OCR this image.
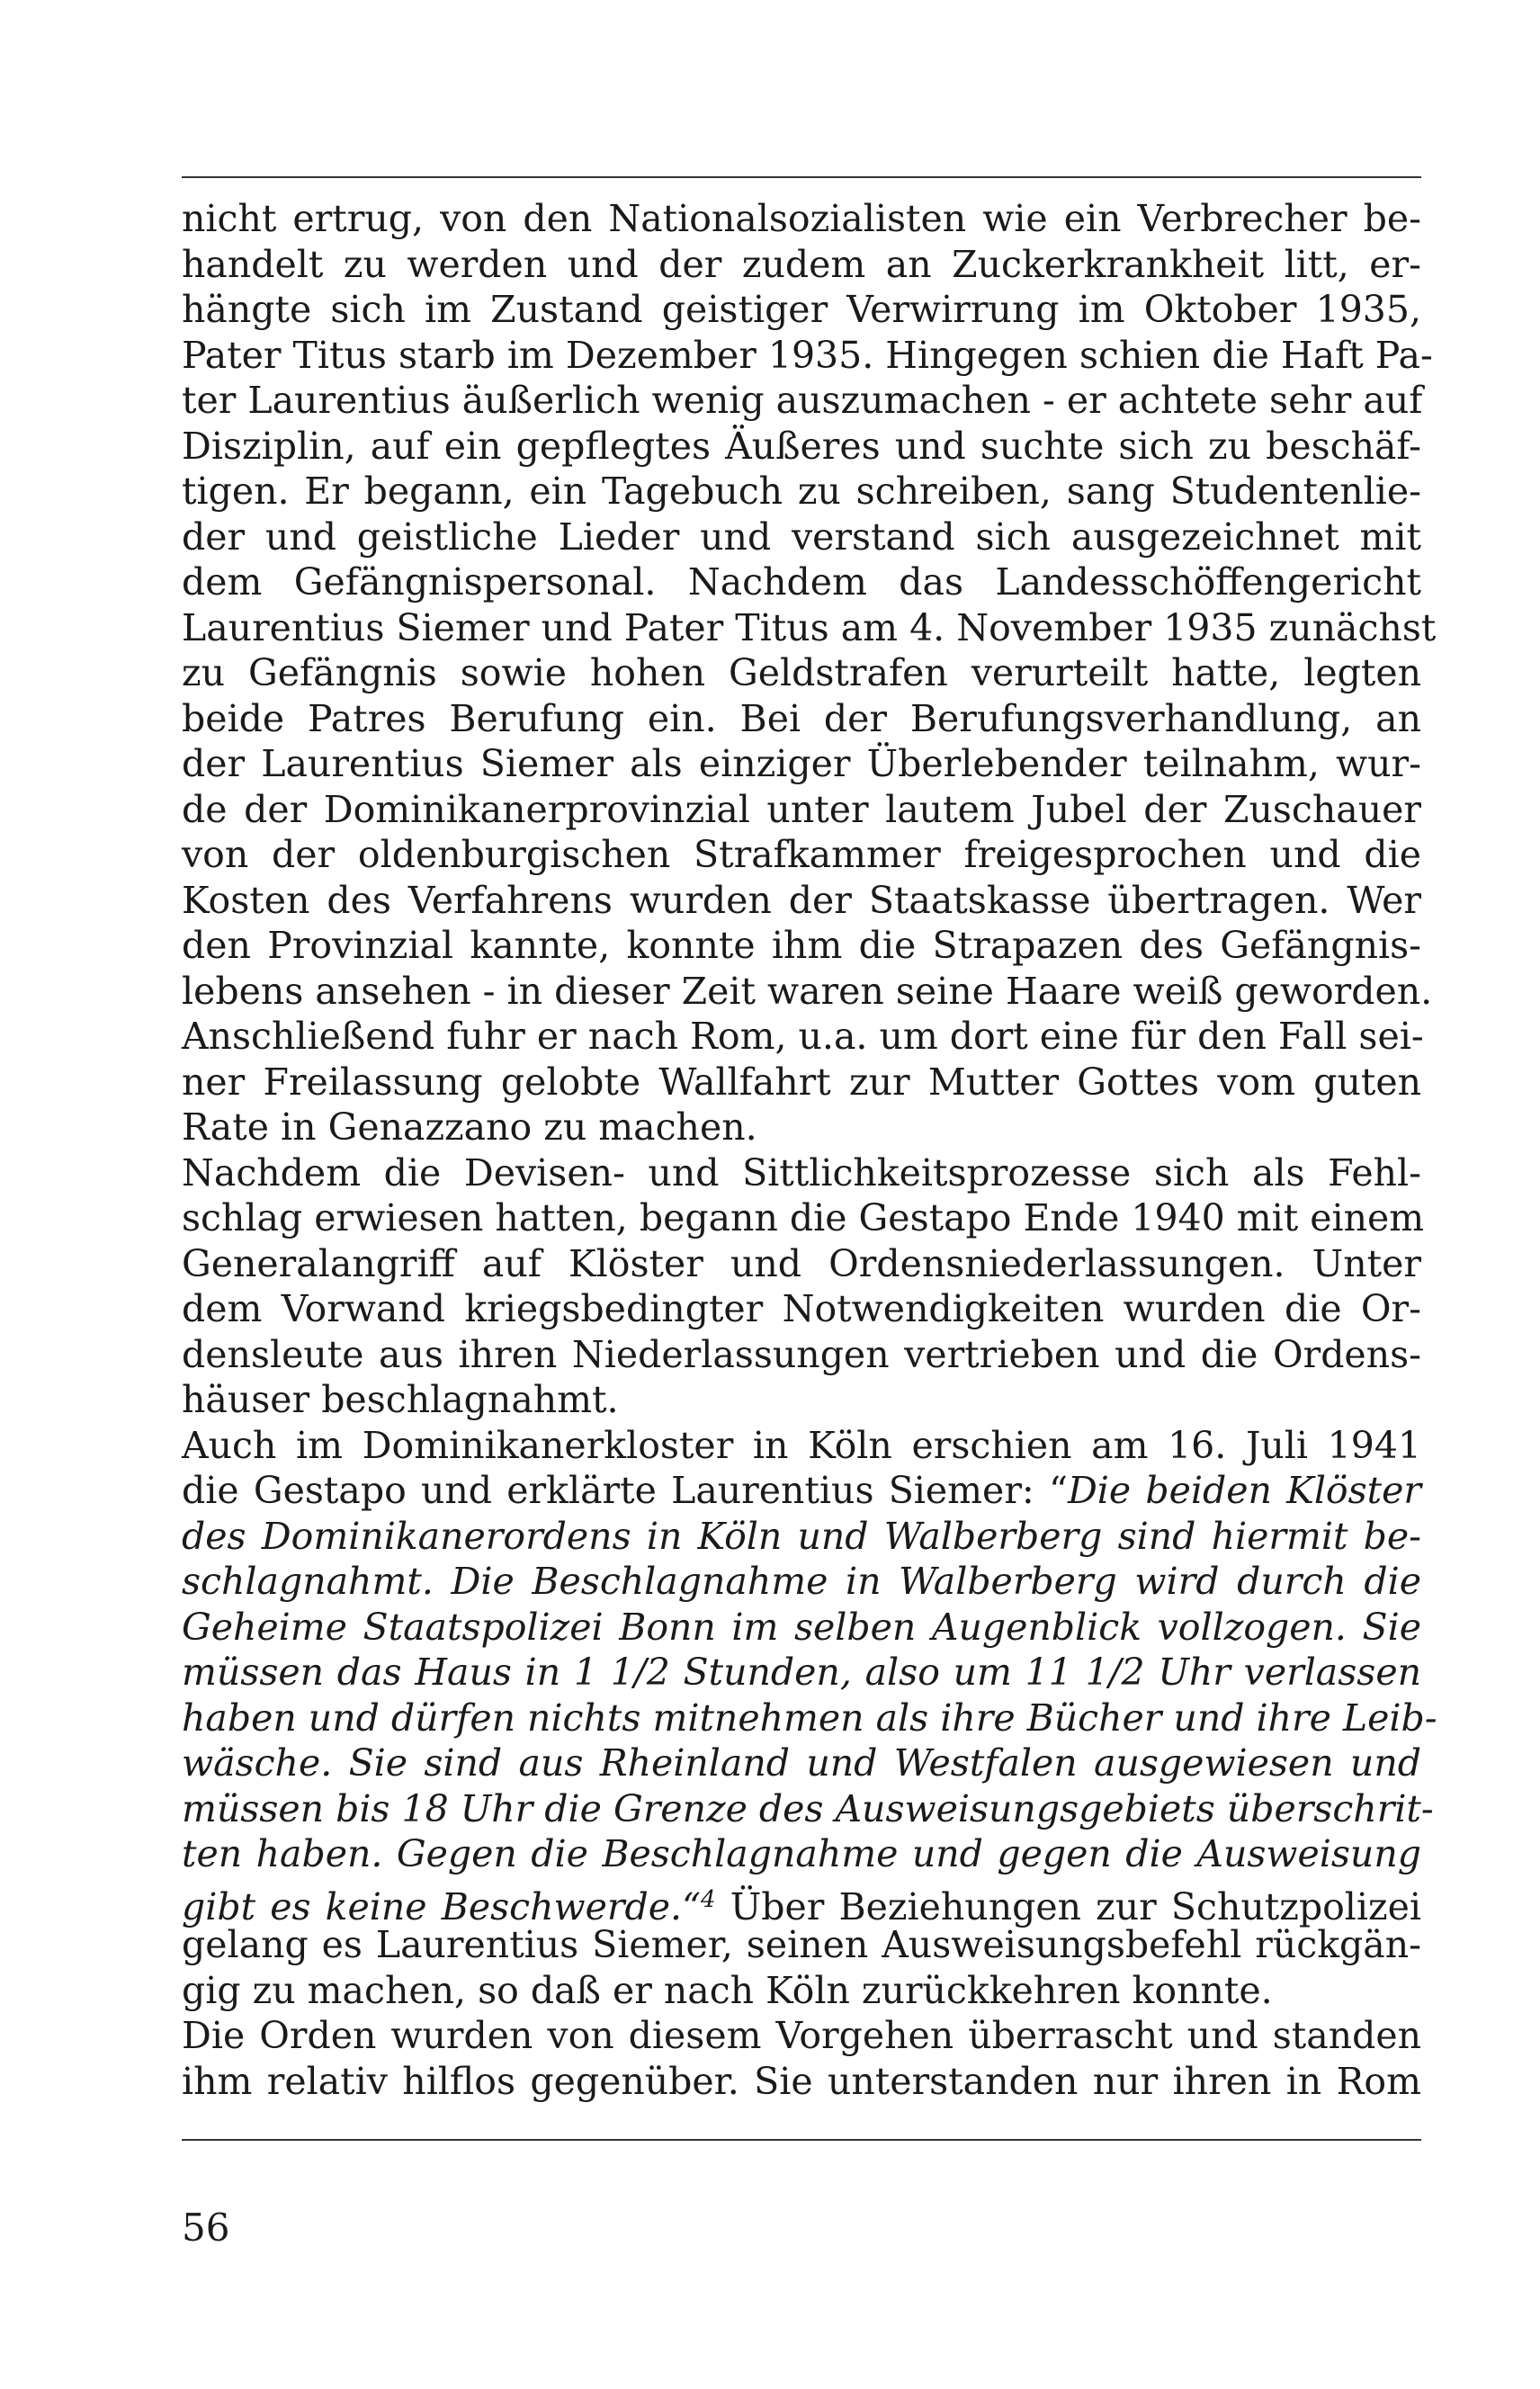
nicht ertrug, von den Nationalsozialisten wie ein Verbrecher be-
handelt zu werden und der zudem an Zuckerkrankheit litt, er-
hängte sich im Zustand geistiger Verwirrung im Oktober 1935,
Pater Titus starb im Dezember 1935. Hingegen schien die Haft Pa-
ter Laurentius äußerlich wenig auszumachen - er achtete sehr auf
Disziplin, auf ein gepflegtes Äußeres und suchte sich zu beschäf-
tigen. Er begann, ein Tagebuch zu schreiben, sang Studentenlie-
der und geistliche Lieder und verstand sich ausgezeichnet mit
dem Gefängnispersonal. Nachdem das Landesschöffengericht
Laurentius Siemer und Pater Titus am 4. November 1935 zunächst
zu Gefängnis sowie hohen Geldstrafen verurteilt hatte, legten
beide Patres Berufung ein. Bei der Berufungsverhandlung, an
der Laurentius Siemer als einziger Überlebender teilnahm, wur-
de der Dominikanerprovinzial unter lautem Jubel der Zuschauer
von der oldenburgischen Strafkammer freigesprochen und die
Kosten des Verfahrens wurden der Staatskasse übertragen. Wer
den Provinzial kannte, konnte ihm die Strapazen des Gefängnis-
lebens ansehen - in dieser Zeit waren seine Haare weiß geworden.
Anschließend fuhr er nach Rom, u.a. um dort eine für den Fall sei-
ner Freilassung gelobte Wallfahrt zur Mutter Gottes vom guten
Rate in Genazzano zu machen.
Nachdem die Devisen- und Sittlichkeitsprozesse sich als Fehl-
schlag erwiesen hatten, begann die Gestapo Ende 1940 mit einem
Generalangriff auf Klöster und Ordensniederlassungen. Unter
dem Vorwand kriegsbedingter Notwendigkeiten wurden die Or-
densleute aus ihren Niederlassungen vertrieben und die Ordens-
häuser beschlagnahmt.
Auch im Dominikanerkloster in Köln erschien am 16. Juli 1941
die Gestapo und erklärte Laurentius Siemer: “Die beiden Klöster
des Dominikanerordens in Köln und Walberberg sind hiermit be-
schlagnahmt. Die Beschlagnahme in Walberberg wird durch die
Geheime Staatspolizei Bonn im selben Augenblick vollzogen. Sie
müssen das Haus in 1 1/2 Stunden, also um 11 1/2 Uhr verlassen
haben und dürfen nichts mitnehmen als ihre Bücher und ihre Leib-
wäsche. Sie sind aus Rheinland und Westfalen ausgewiesen und
müssen bis 18 Uhr die Grenze des Ausweisungsgebiets überschrit-
ten haben. Gegen die Beschlagnahme und gegen die Ausweisung
gibt es keine Beschwerde.“$^4$ Über Beziehungen zur Schutzpolizei
gelang es Laurentius Siemer, seinen Ausweisungsbefehl rückgän-
gig zu machen, so daß er nach Köln zurückkehren konnte.
Die Orden wurden von diesem Vorgehen überrascht und standen
ihm relativ hilflos gegenüber. Sie unterstanden nur ihren in Rom
56
